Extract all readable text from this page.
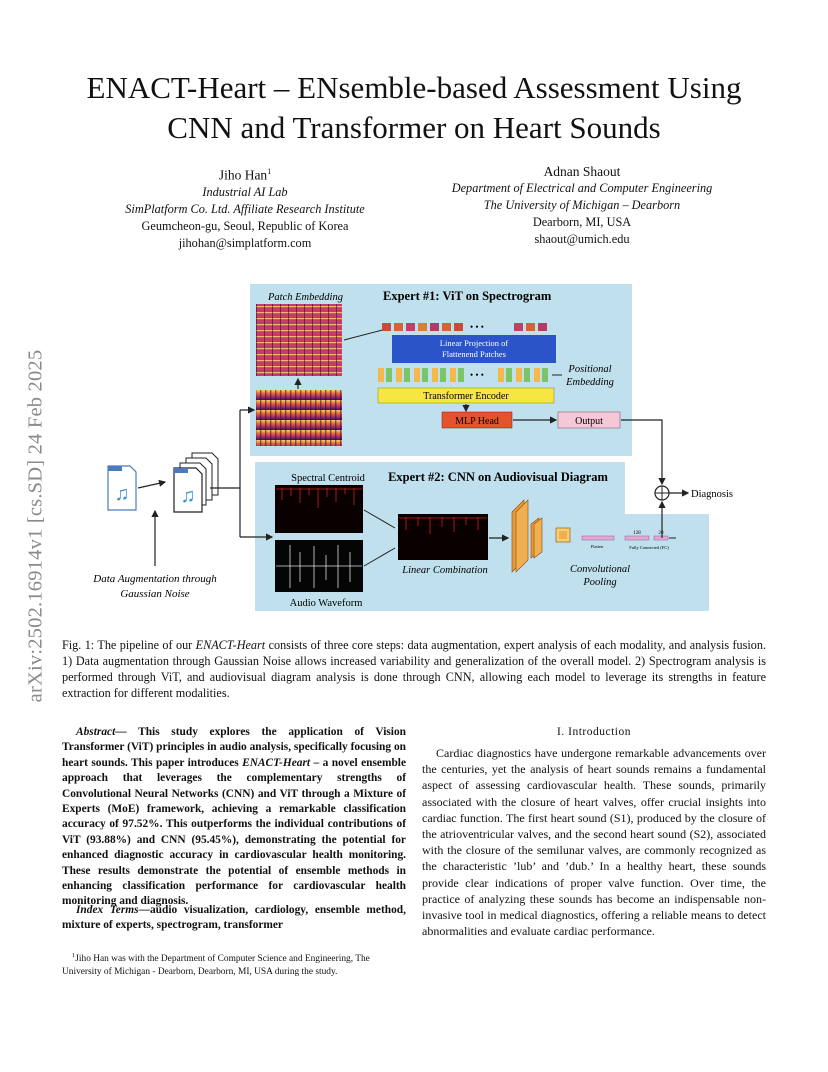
ENACT-Heart – ENsemble-based Assessment Using
CNN and Transformer on Heart Sounds
Jiho Han$^1$
Industrial AI Lab
SimPlatform Co. Ltd. Affiliate Research Institute
Geumcheon-gu, Seoul, Republic of Korea
jihohan@simplatform.com
Adnan Shaout
Department of Electrical and Computer Engineering
The University of Michigan – Dearborn
Dearborn, MI, USA
shaout@umich.edu
arXiv:2502.16914v1 [cs.SD] 24 Feb 2025
Patch Embedding	Expert #1: ViT on Spectrogram
• • •
Linear Projection of
Flattenend Patches
• • •	Positional
Embedding
Transformer Encoder
MLP Head	Output
♫	♫
Data Augmentation through
Gaussian Noise
Spectral Centroid Expert #2: CNN on Audiovisual Diagram
Audio Waveform
Linear Combination	Convolutional
Pooling
Flatten
128	20
Fully Connected (FC)
Diagnosis
Fig. 1: The pipeline of our ENACT-Heart consists of three core steps: data augmentation, expert analysis of each modality, and analysis fusion. 1) Data augmentation through Gaussian Noise allows increased variability and generalization of the overall model. 2) Spectrogram analysis is performed through ViT, and audiovisual diagram analysis is done through CNN, allowing each model to leverage its strengths in feature extraction for different modalities.
Abstract— This study explores the application of Vision Transformer (ViT) principles in audio analysis, specifically focusing on heart sounds. This paper introduces ENACT-Heart – a novel ensemble approach that leverages the complementary strengths of Convolutional Neural Networks (CNN) and ViT through a Mixture of Experts (MoE) framework, achieving a remarkable classification accuracy of 97.52%. This outperforms the individual contributions of ViT (93.88%) and CNN (95.45%), demonstrating the potential for enhanced diagnostic accuracy in cardiovascular health monitoring. These results demonstrate the potential of ensemble methods in enhancing classification performance for cardiovascular health monitoring and diagnosis.
Index Terms—audio visualization, cardiology, ensemble method, mixture of experts, spectrogram, transformer
$^1$Jiho Han was with the Department of Computer Science and Engineering, The University of Michigan - Dearborn, Dearborn, MI, USA during the study.
I. Introduction
Cardiac diagnostics have undergone remarkable advancements over the centuries, yet the analysis of heart sounds remains a fundamental aspect of assessing cardiovascular health. These sounds, primarily associated with the closure of heart valves, offer crucial insights into cardiac function. The first heart sound (S1), produced by the closure of the atrioventricular valves, and the second heart sound (S2), associated with the closure of the semilunar valves, are commonly recognized as the characteristic ’lub’ and ’dub.’ In a healthy heart, these sounds provide clear indications of proper valve function. Over time, the practice of analyzing these sounds has become an indispensable non-invasive tool in medical diagnostics, offering a reliable means to detect abnormalities and evaluate cardiac performance.
